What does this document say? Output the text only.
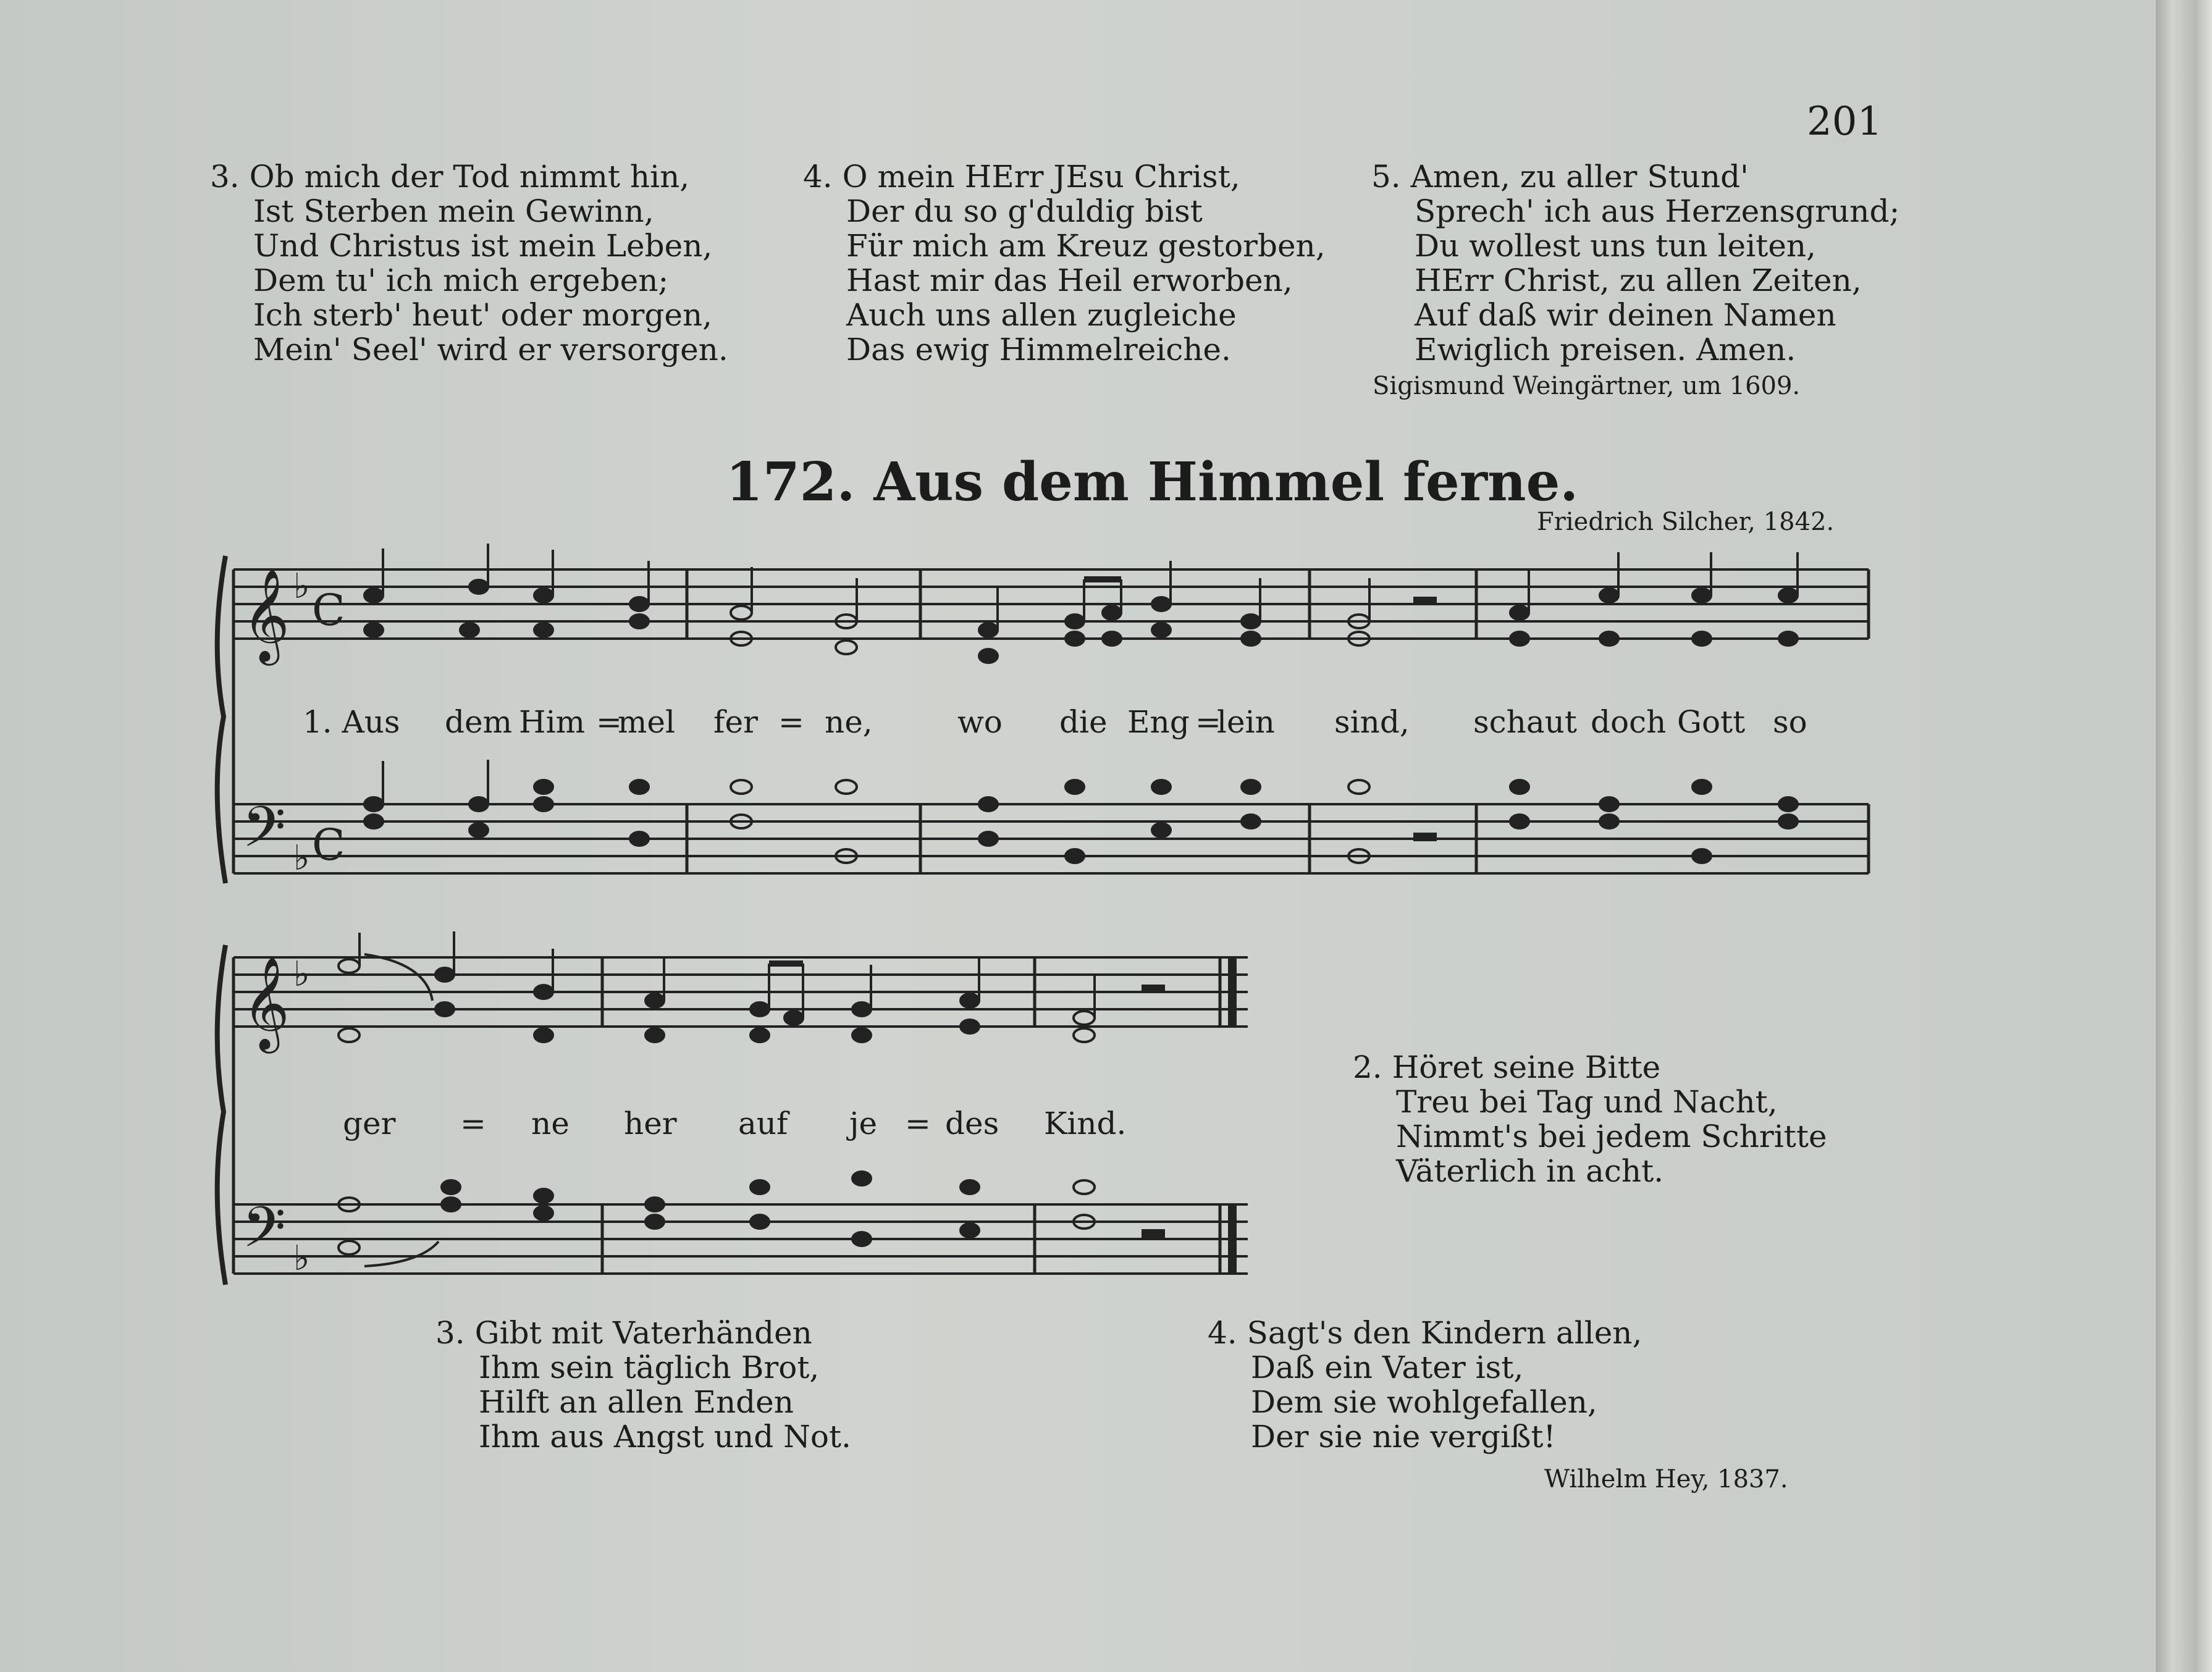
201
3. Ob mich der Tod nimmt hin,
Ist Sterben mein Gewinn,
Und Christus ist mein Leben,
Dem tu' ich mich ergeben;
Ich sterb' heut' oder morgen,
Mein' Seel' wird er versorgen.
4. O mein HErr JEsu Christ,
Der du so g'duldig bist
Für mich am Kreuz gestorben,
Hast mir das Heil erworben,
Auch uns allen zugleiche
Das ewig Himmelreiche.
5. Amen, zu aller Stund'
Sprech' ich aus Herzensgrund;
Du wollest uns tun leiten,
HErr Christ, zu allen Zeiten,
Auf daß wir deinen Namen
Ewiglich preisen. Amen.
Sigismund Weingärtner, um 1609.
172. Aus dem Himmel ferne.
Friedrich Silcher, 1842.
𝄞 ♭ C
𝄢 ♭ C
𝄞 ♭
𝄢 ♭
1. Aus dem Him =
mel fer = ne,	wo die Eng =
lein sind, schaut doch Gott so
ger = ne her auf je = des Kind.
2. Höret seine Bitte
Treu bei Tag und Nacht,
Nimmt's bei jedem Schritte
Väterlich in acht.
3. Gibt mit Vaterhänden
Ihm sein täglich Brot,
Hilft an allen Enden
Ihm aus Angst und Not.
4. Sagt's den Kindern allen,
Daß ein Vater ist,
Dem sie wohlgefallen,
Der sie nie vergißt!
Wilhelm Hey, 1837.
